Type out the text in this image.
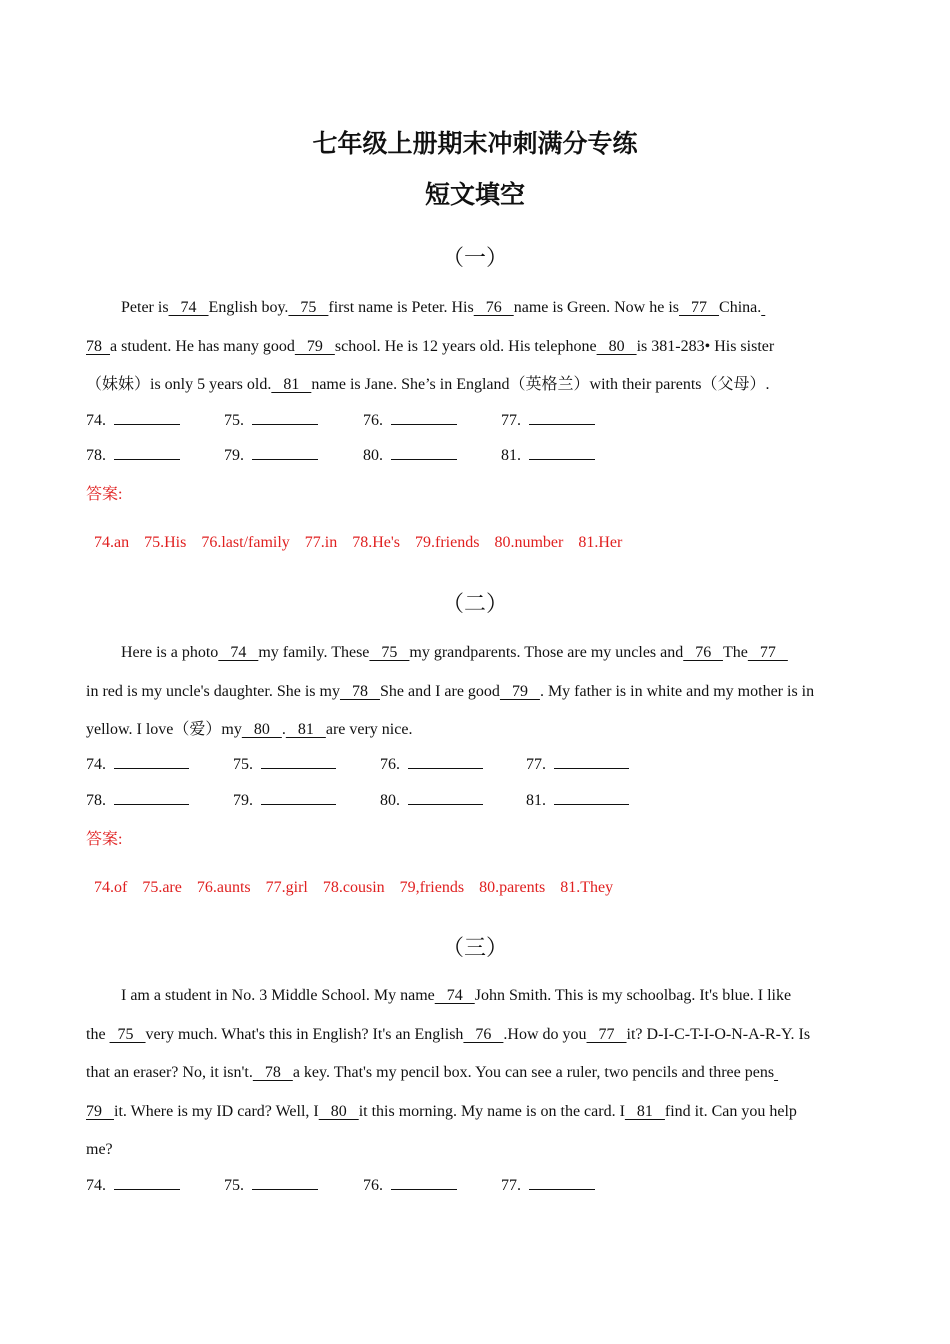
七年级上册期末冲刺满分专练
短文填空
（一）
Peter is   74   English boy.   75   first name is Peter. His   76   name is Green. Now he is   77   China.
78  a student. He has many good   79   school. He is 12 years old. His telephone   80   is 381-283• His sister
（妹妹）is only 5 years old.   81   name is Jane. She’s in England（英格兰）with their parents（父母）.
74.	75.	76.	77.
78.	79.	80.	81.
答案:

74.an 75.His 76.last/family 77.in 78.He's 79.friends 80.number 81.Her

（二）
Here is a photo   74   my family. These   75   my grandparents. Those are my uncles and   76   The   77
in red is my uncle's daughter. She is my   78   She and I are good   79   . My father is in white and my mother is in
yellow. I love（爱）my   80   .   81   are very nice.
74.	75.	76.	77.
78.	79.	80.	81.
答案:

74.of 75.are 76.aunts 77.girl 78.cousin 79,friends 80.parents 81.They

（三）
I am a student in No. 3 Middle School. My name   74   John Smith. This is my schoolbag. It's blue. I like
the   75   very much. What's this in English? It's an English   76   .How do you   77   it? D-I-C-T-I-O-N-A-R-Y. Is
that an eraser? No, it isn't.   78   a key. That's my pencil box. You can see a ruler, two pencils and three pens
79   it. Where is my ID card? Well, I   80   it this morning. My name is on the card. I   81   find it. Can you help
me?
74.	75.	76.	77.
